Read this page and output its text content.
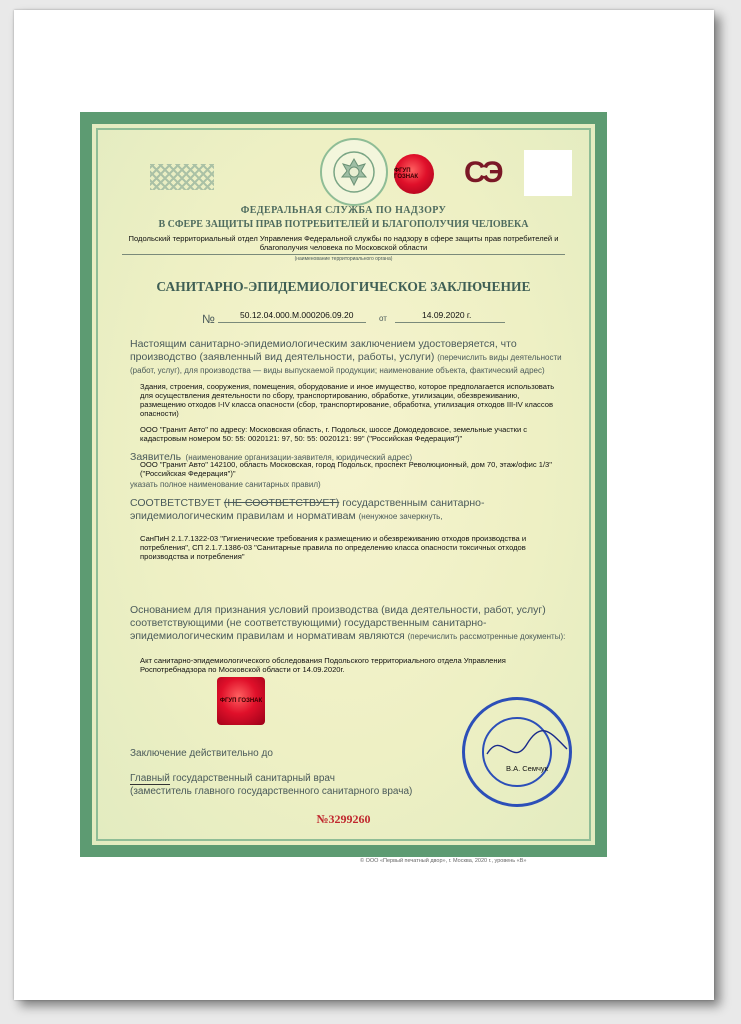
ФГУП ГОЗНАК	СЭ
ФЕДЕРАЛЬНАЯ СЛУЖБА ПО НАДЗОРУ
В СФЕРЕ ЗАЩИТЫ ПРАВ ПОТРЕБИТЕЛЕЙ И БЛАГОПОЛУЧИЯ ЧЕЛОВЕКА
Подольский территориальный отдел Управления Федеральной службы по надзору в сфере защиты прав потребителей и благополучия человека по Московской области
(наименование территориального органа)
САНИТАРНО-ЭПИДЕМИОЛОГИЧЕСКОЕ ЗАКЛЮЧЕНИЕ
№	50.12.04.000.М.000206.09.20	от	14.09.2020 г.
Настоящим санитарно-эпидемиологическим заключением удостоверяется, что производство (заявленный вид деятельности, работы, услуги) (перечислить виды деятельности (работ, услуг), для производства — виды выпускаемой продукции; наименование объекта, фактический адрес)
Здания, строения, сооружения, помещения, оборудование и иное имущество, которое предполагается использовать для осуществления деятельности по сбору, транспортированию, обработке, утилизации, обезвреживанию, размещению отходов I-IV класса опасности (сбор, транспортирование, обработка, утилизация отходов III-IV классов опасности)
ООО "Гранит Авто" по адресу: Московская область, г. Подольск, шоссе Домодедовское, земельные участки с кадастровым номером 50: 55: 0020121: 97, 50: 55: 0020121: 99" ("Российская Федерация")"
Заявитель (наименование организации-заявителя, юридический адрес)
ООО "Гранит Авто" 142100, область Московская, город Подольск, проспект Революционный, дом 70, этаж/офис 1/3" ("Российская Федерация")"
указать полное наименование санитарных правил)
СООТВЕТСТВУЕТ (НЕ СООТВЕТСТВУЕТ) государственным санитарно-эпидемиологическим правилам и нормативам (ненужное зачеркнуть,
СанПиН 2.1.7.1322-03 "Гигиенические требования к размещению и обезвреживанию отходов производства и потребления", СП 2.1.7.1386-03 "Санитарные правила по определению класса опасности токсичных отходов производства и потребления"
Основанием для признания условий производства (вида деятельности, работ, услуг) соответствующими (не соответствующими) государственным санитарно-эпидемиологическим правилам и нормативам являются (перечислить рассмотренные документы):
Акт санитарно-эпидемиологического обследования Подольского территориального отдела Управления Роспотребнадзора по Московской области от 14.09.2020г.
ФГУП ГОЗНАК
Заключение действительно до
Главный государственный санитарный врач
(заместитель главного государственного санитарного врача)
В.А. Семчук
№3299260
© ООО «Первый печатный двор», г. Москва, 2020 г., уровень «В»
